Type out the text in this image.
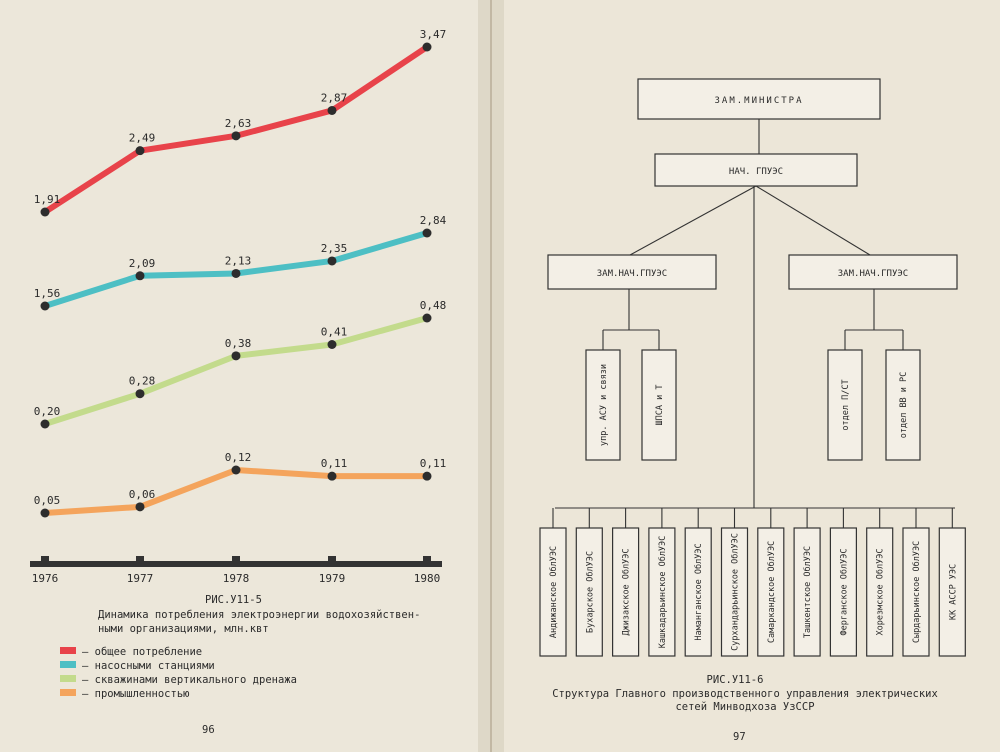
1,91
2,49
2,63
2,87
3,47
1,56
2,09	2,13
2,35
2,84
0,20
0,28
0,38
0,41
0,48
0,05	0,06
0,12	0,11	0,11
1976	1977	1978	1979	1980
РИС.У11-5
Динамика потребления электроэнергии водохозяйствен-
ными организациями, млн.квт
– общее потребление
– насосными станциями
– скважинами вертикального дренажа
– промышленностью
96
ЗАМ.МИНИСТРА
НАЧ. ГПУЭС
ЗАМ.НАЧ.ГПУЭС	ЗАМ.НАЧ.ГПУЭС
упр. АСУ и связи	ШПСА и Т	отдел П/СТ	отдел ВВ и РС
Андижанское ОблУЭС	Бухарское ОблУЭС	Джизакское ОблУЭС	Кашкадарьинское ОблУЭС	Наманганское ОблУЭС	Сурхандарьинское ОблУЭС	Самаркандское ОблУЭС	Ташкентское ОблУЭС	Ферганское ОблУЭС	Хорезмское ОблУЭС	Сырдарьинское ОблУЭС	КК АССР УЭС
РИС.У11-6
Структура Главного производственного управления электрических
сетей Минводхоза УзССР
97
